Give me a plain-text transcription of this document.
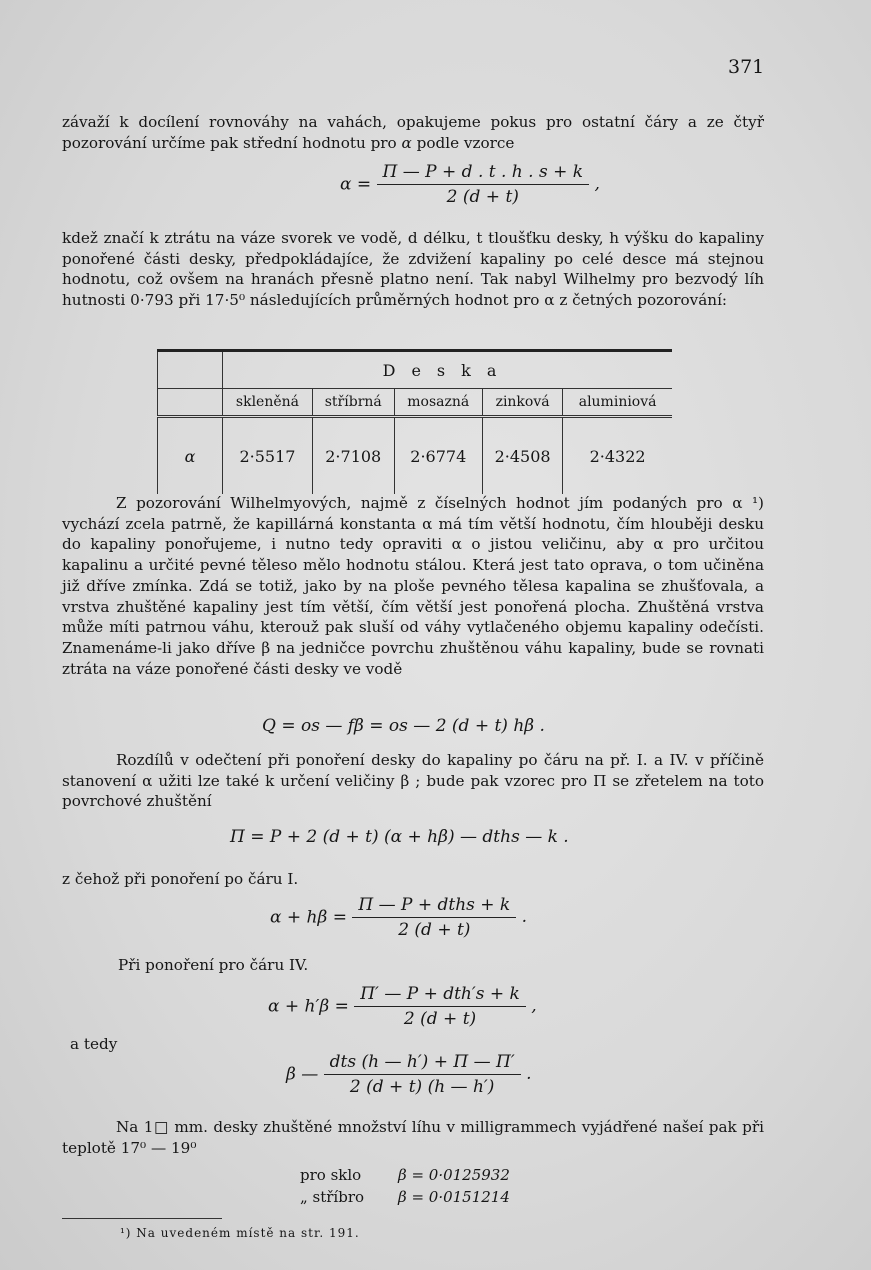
371

závaží k docílení rovnováhy na vahách, opakujeme pokus pro ostatní čáry a ze čtyř pozorování určíme pak střední hodnotu pro α podle vzorce

$\alpha = \frac{\Pi — P + d . t . h . s + k}{2 (d + t)}$ ,

kdež značí k ztrátu na váze svorek ve vodě, d délku, t tloušťku desky, h výšku do kapaliny ponořené části desky, předpokládajíce, že zdvižení kapaliny po celé desce má stejnou hodnotu, což ovšem na hranách přesně platno není. Tak nabyl Wilhelmy pro bezvodý líh hutnosti 0·793 při 17·5⁰ následujících průměrných hodnot pro α z četných pozorování:

	Deska				
	skleněná	stříbrná	mosazná	zinková	aluminiová
α	2·5517	2·7108	2·6774	2·4508	2·4322

Z pozorování Wilhelmyových, najmě z číselných hodnot jím podaných pro α ¹) vychází zcela patrně, že kapillárná konstanta α má tím větší hodnotu, čím hlouběji desku do kapaliny ponořujeme, i nutno tedy opraviti α o jistou veličinu, aby α pro určitou kapalinu a určité pevné těleso mělo hodnotu stálou. Která jest tato oprava, o tom učiněna již dříve zmínka. Zdá se totiž, jako by na ploše pevného tělesa kapalina se zhušťovala, a vrstva zhuštěné kapaliny jest tím větší, čím větší jest ponořená plocha. Zhuštěná vrstva může míti patrnou váhu, kterouž pak sluší od váhy vytlačeného objemu kapaliny odečísti. Znamenáme-li jako dříve β na jedničce povrchu zhuštěnou váhu kapaliny, bude se rovnati ztráta na váze ponořené části desky ve vodě

Q = os — fβ = os — 2 (d + t) hβ .

Rozdílů v odečtení při ponoření desky do kapaliny po čáru na př. I. a IV. v příčině stanovení α užiti lze také k určení veličiny β ; bude pak vzorec pro Π se zřetelem na toto povrchové zhuštění

Π = P + 2 (d + t) (α + hβ) — dths — k .

z čehož při ponoření po čáru I.

$\alpha + h\beta = \frac{\text{Π — P + dths + k}}{2 (d + t)}$ .

Při ponoření pro čáru IV.

$\alpha + h'\beta = \frac{\text{Π′ — P + dth′s + k}}{2 (d + t)}$ ,

a tedy

β — $\frac{\text{dts (h — h′) + Π — Π′}}{2 (d + t) (h — h')}$ .

Na 1□ mm. desky zhuštěné množství líhu v milligrammech vyjádřené našeí pak při teplotě 17⁰ — 19⁰

pro sklo β = 0·0125932
„ stříbro β = 0·0151214
¹) Na uvedeném místě na str. 191.
